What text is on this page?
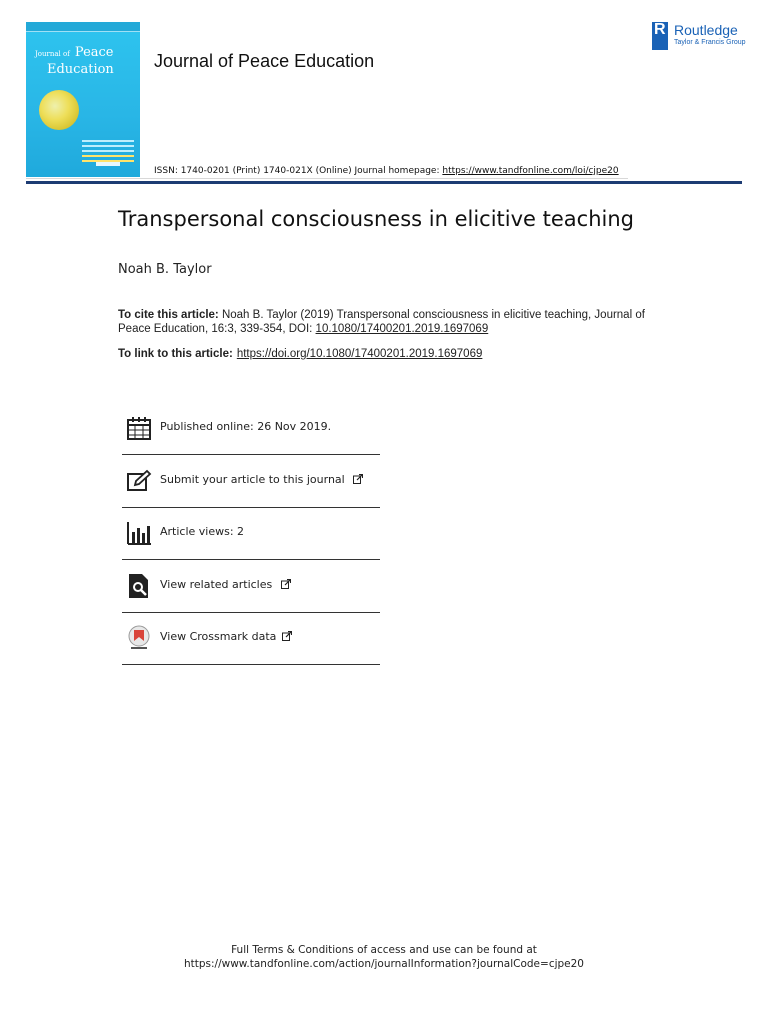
Journal of Peace
Education	Journal of Peace Education
R Routledge
Taylor & Francis Group
ISSN: 1740-0201 (Print) 1740-021X (Online) Journal homepage: https://www.tandfonline.com/loi/cjpe20
Transpersonal consciousness in elicitive teaching
Noah B. Taylor
To cite this article: Noah B. Taylor (2019) Transpersonal consciousness in elicitive teaching, Journal of Peace Education, 16:3, 339-354, DOI: 10.1080/17400201.2019.1697069
To link to this article: https://doi.org/10.1080/17400201.2019.1697069
Published online: 26 Nov 2019.
Submit your article to this journal
Article views: 2
View related articles
View Crossmark data
Full Terms & Conditions of access and use can be found at
https://www.tandfonline.com/action/journalInformation?journalCode=cjpe20
